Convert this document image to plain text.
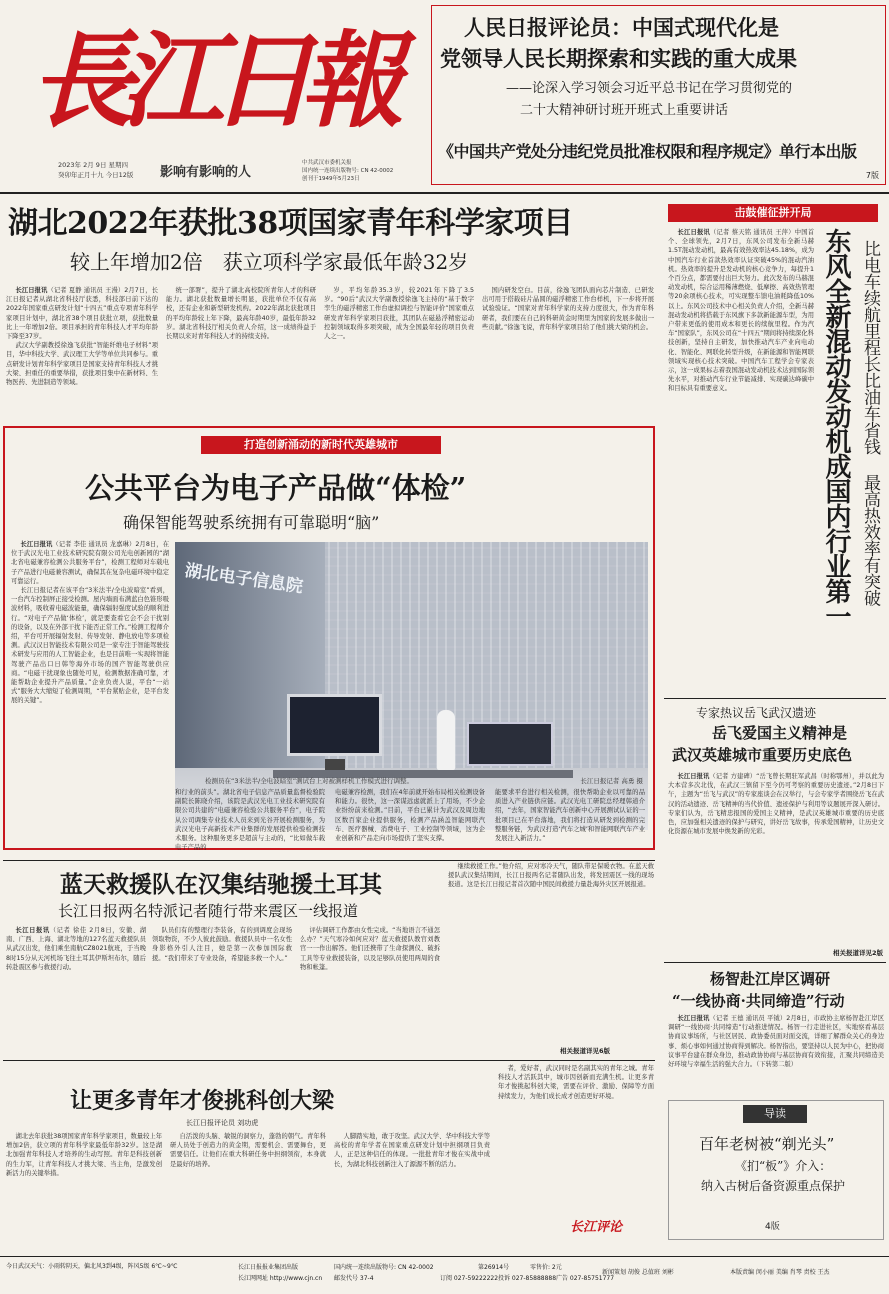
長江日報
2023年 2月 9日 星期四
癸卯年正月十九 今日12版 影响有影响的人
中共武汉市委机关报
国内统一连续出版物号: CN 42-0002
创刊于1949年5月23日
人民日报评论员：中国式现代化是
党领导人民长期探索和实践的重大成果
——论深入学习领会习近平总书记在学习贯彻党的
二十大精神研讨班开班式上重要讲话
《中国共产党处分违纪党员批准权限和程序规定》单行本出版
7版
湖北2022年获批38项国家青年科学家项目
较上年增加2倍　获立项科学家最低年龄32岁

长江日报讯（记者 夏静 通讯员 王漫）2月7日，长江日报记者从湖北省科技厅获悉，科技部日前下达的2022年国家重点研发计划“十四五”重点专项青年科学家项目计划中，湖北省38个项目获批立项，获批数量比上一年增加2倍。项目承担的青年科技人才平均年龄下降至37岁。

武汉大学副教授徐逸飞获批“智能纤维电子材料”项目，华中科技大学、武汉理工大学等单位共同参与。重点研发计划青年科学家项目是国家支持青年科技人才挑大梁、担重任的重要举措，获批项目集中在新材料、生物医药、先进制造等领域。

统一部署”，提升了湖北高校院所青年人才的科研能力。湖北获批数量增长明显，获批单位不仅有高校，还有企业和新型研发机构。2022年湖北获批项目的平均年龄较上年下降，最高年龄40岁，最低年龄32岁。湖北省科技厅相关负责人介绍，这一成绩得益于长期以来对青年科技人才的持续支持。

岁，平均年龄35.3岁，较2021年下降了3.5岁。“90后”武汉大学副教授徐逸飞主持的“基于数字孪生的磁浮精密工作台虚拟调控与智能评价”国家重点研发青年科学家项目获批，其团队在磁悬浮精密运动控制领域取得多项突破，成为全国最年轻的项目负责人之一。

国内研发空白。目前，徐逸飞团队面向芯片制造、已研发出可用于搭载硅片晶圆的磁浮精密工作台样机，下一步将开展试验验证。“国家对青年科学家的支持力度很大，作为青年科研者，我们要在自己的科研黄金时期里为国家的发展多做出一些贡献。”徐逸飞说，青年科学家项目给了他们挑大梁的机会。

打造创新涌动的新时代英雄城市
公共平台为电子产品做“体检”
确保智能驾驶系统拥有可靠聪明“脑”

长江日报讯（记者 李佳 通讯员 龙嘉琳）2月8日，在位于武汉光电工业技术研究院有限公司光电创新园的“湖北省电磁兼容检测公共服务平台”，检测工程师对车载电子产品进行电磁兼容测试，确保其在复杂电磁环境中稳定可靠运行。

长江日报记者在该平台“3米法半/全电波暗室”看到，一台汽车控制屏正接受检测。屋内墙面布满蓝白色锥形吸波材料，吸收着电磁波能量，确保辐射强度试验的顺利进行。“对电子产品做‘体检’，就是要查看它会不会干扰别的设备，以及在外部干扰下能否正常工作。”检测工程师介绍，平台可开展辐射发射、传导发射、静电放电等多项检测。武汉汉日智能技术有限公司是一家专注于智能驾驶技术研发与应用的人工智能企业，也是目前唯一实现将智能驾驶产品出口日韩等海外市场的国产智能驾驶供应商。“电磁干扰现象也随处可见，检测数据准确可靠，才能帮助企业提升产品质量。”企业负责人说，平台“一站式”服务大大缩短了检测周期，“平台紧贴企业，是平台发展的关键”。

湖北电子信息院
检测员在“3米法半/全电波暗室”测试台上对被测样机工作模式进行调整。	长江日报记者 高勇 摄

和行业的前头”。湖北省电子信息产品质量监督检验院副院长陈晓介绍，该院是武汉光电工业技术研究院有限公司共建的“电磁兼容检验公共服务平台”，电子院从公司调集专业技术人员来到光谷开展检测服务，为武汉光电子高新技术产业集群的发展提供检验检测技术服务。这种服务更多是超前与主动的，“比如做车载电子产品的

电磁兼容检测，我们在4年前就开始布局相关检测设备和能力。很快，这一深谋远虑就派上了用场，不少企业纷纷前来检测。”目前，平台已累计为武汉及周边地区数百家企业提供服务，检测产品涵盖智能网联汽车、医疗器械、消费电子、工业控制等领域，这为企业创新和产品走向市场提供了坚实支撑。

能要求平台进行相关检测，很快帮助企业以可靠的品质进入产业链供应链。武汉光电工研院总经理韩道介绍，“去年，国家智能汽车创新中心开展测试认证的一批项目已在平台落地，我们将打造从研发到检测的完整服务链，为武汉打造‘汽车之城’和智能网联汽车产业发展注入新活力。”

击鼓催征拼开局

长江日报讯（记者 蔡天铭 通讯员 王萍）中国首个、全球领先，2月7日，东风公司发布全新马赫1.5T混动发动机，最高有效热效率达45.18%，成为中国汽车行业首款热效率认证突破45%的混动汽油机。热效率的提升是发动机的核心竞争力，每提升1个百分点，都需要付出巨大努力。此次发布的马赫混动发动机，综合运用稀薄燃烧、低摩擦、高效热管理等20余项核心技术，可实现整车馈电油耗降低10%以上。东风公司技术中心相关负责人介绍，全新马赫混动发动机将搭载于东风旗下多款新能源车型，为用户带来更低的使用成本和更长的续航里程。作为汽车“国家队”，东风公司在“十四五”期间将持续深化科技创新，坚持自主研发，加快推动汽车产业向电动化、智能化、网联化转型升级，在新能源和智能网联领域实现核心技术突破。中国汽车工程学会专家表示，这一成果标志着我国混动发动机技术达到国际领先水平，对推动汽车行业节能减排、实现碳达峰碳中和目标具有重要意义。	东风全新混动发动机成国内行业第一 比电车续航里程长比油车省钱 最高热效率有突破
专家热议岳飞武汉遗迹
岳飞爱国主义精神是
武汉英雄城市重要历史底色

长江日报讯（记者 方建碑）“岳飞曾长期驻军武昌（时称鄂州），并以此为大本营多次北伐，在武汉三镇留下至今仍可考察的重要历史遗迹。”2月8日下午，主题为“岳飞与武汉”的专家座谈会在汉举行，与会专家学者围绕岳飞在武汉的活动遗迹、岳飞精神的当代价值、遗迹保护与利用等议题展开深入研讨。专家们认为，岳飞精忠报国的爱国主义精神，是武汉英雄城市重要的历史底色，应加强相关遗迹的保护与研究，讲好岳飞故事，传承爱国精神，让历史文化资源在城市发展中焕发新的光彩。

相关报道详见2版
杨智赴江岸区调研
“一线协商·共同缔造”行动

长江日报讯（记者 王德 通讯员 平钺）2月8日，市政协主席杨智赴江岸区调研“一线协商·共同缔造”行动推进情况。杨智一行走进社区，实地察看基层协商议事场所，与社区居民、政协委员面对面交流，详细了解群众关心的身边事、烦心事如何通过协商得到解决。杨智指出，要坚持以人民为中心，把协商议事平台建在群众身边，推动政协协商与基层协商有效衔接，汇聚共同缔造美好环境与幸福生活的强大合力。（下转第二版）

导读
百年老树被“剃光头”
《扪“板”》介入：
纳入古树后备资源重点保护
4版
蓝天救援队在汉集结驰援土耳其
长江日报两名特派记者随行带来震区一线报道

长江日报讯（记者 徐佳 2月8日，安徽、湖南、广西、上海、湖北等地的127名蓝天救援队员从武汉出发，他们乘坐南航CZ8021航班，于当晚8时15分从天河机场飞往土耳其伊斯坦布尔，随后转赴震区参与救援行动。

队员们有的整理行李装备，有的到调度会现场领取物资，不少人彼此鼓励。救援队员中一名女性身影格外引人注目，她是第一次参加国际救援。“我们带来了专业设备，希望能多救一个人。”

评估调研工作都由女性完成。“当地语言不通怎么办？”天气寒冷如何应对？蓝天救援队教官刘教官一一作出解答。他们还携带了生命探测仪、破拆工具等专业救援装备，以及足够队员使用两周的食物和帐篷。

继续救援工作。”他介绍，应对寒冷天气，随队带足保暖衣物。在蓝天救援队武汉集结期间，长江日报两名记者随队出发，将发回震区一线的现场报道。这是长江日报记者首次随中国民间救援力量赴海外灾区开展报道。

相关报道详见6版
让更多青年才俊挑科创大梁
长江日报评论员 刘功虎

湖北去年获批38项国家青年科学家项目，数量较上年增加2倍，获立项的青年科学家最低年龄32岁。这是湖北加强青年科技人才培养的生动写照。青年是科技创新的生力军，让青年科技人才挑大梁、当主角，是激发创新活力的关键举措。

自活泼的头脑、敏锐的洞察力，蓬勃的朝气。青年科研人员处于创造力的黄金期，需要机会、需要舞台，更需要信任。让他们在重大科研任务中担纲领衔，本身就是最好的培养。

人脚踏实地，敢于攻坚。武汉大学、华中科技大学等高校的青年学者在国家重点研发计划中担纲项目负责人，正是这种信任的体现。一批批青年才俊在实战中成长，为湖北科技创新注入了源源不断的活力。

者，爱好者，武汉同时是名副其实的青年之城。青年科技人才活跃其中，城市因创新而充满生机。让更多青年才俊挑起科创大梁，需要在评价、激励、保障等方面持续发力，为他们成长成才创造更好环境。

长江评论
今日武汉天气：小雨转阴天，偏北风3到4级，阵风5级 6℃~9℃	长江日报报业集团出版
长江网网址 http://www.cjn.cn
国内统一连续出版物号: CN 42-0002
邮发代号 37-4
第26914号	零售价: 2元
订阅 027-59222222 投诉 027-85888888 广告 027-85751777
新闻策划 胡俊 总值班 刘彬	本版责编 闵小丽 美编 肖琴 责校 王杰
